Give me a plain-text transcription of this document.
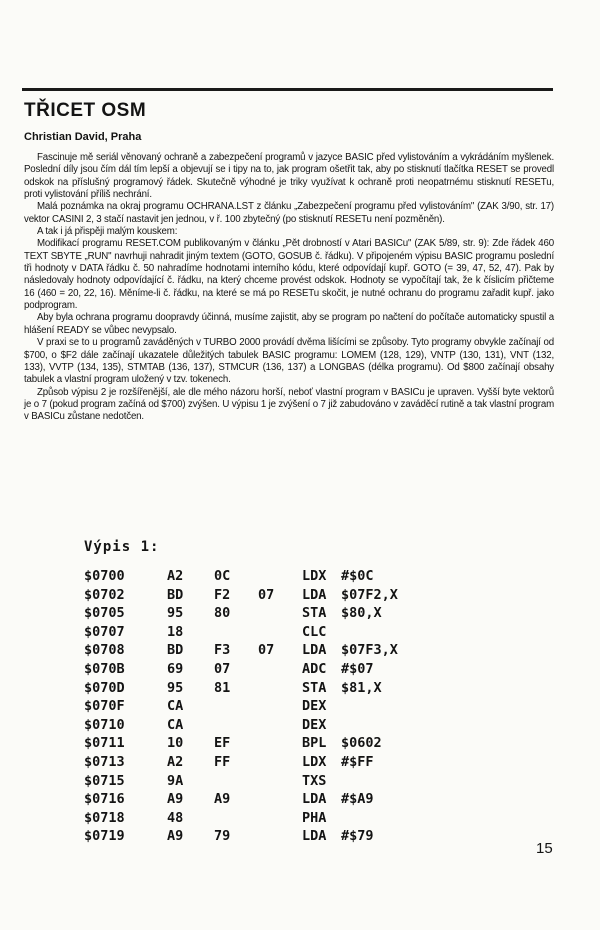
TŘICET OSM
Christian David, Praha

Fascinuje mě seriál věnovaný ochraně a zabezpečení programů v jazyce BASIC před vylistováním a vykrádáním myšlenek. Poslední díly jsou čím dál tím lepší a objevují se i tipy na to, jak program ošetřit tak, aby po stisknutí tlačítka RESET se provedl odskok na příslušný programový řádek. Skutečně výhodné je triky využívat k ochraně proti neopatrnému stisknutí RESETu, proti vylistování příliš nechrání.

Malá poznámka na okraj programu OCHRANA.LST z článku „Zabezpečení programu před vylistováním" (ZAK 3/90, str. 17) vektor CASINI 2, 3 stačí nastavit jen jednou, v ř. 100 zbytečný (po stisknutí RESETu není pozměněn).

A tak i já přispěji malým kouskem:

Modifikací programu RESET.COM publikovaným v článku „Pět drobností v Atari BASICu" (ZAK 5/89, str. 9): Zde řádek 460 TEXT SBYTE „RUN" navrhuji nahradit jiným textem (GOTO, GOSUB č. řádku). V připojeném výpisu BASIC programu poslední tři hodnoty v DATA řádku č. 50 nahradíme hodnotami interního kódu, které odpovídají kupř. GOTO (= 39, 47, 52, 47). Pak by následovaly hodnoty odpovídající č. řádku, na který chceme provést odskok. Hodnoty se vypočítají tak, že k číslicím přičteme 16 (460 = 20, 22, 16). Měníme-li č. řádku, na které se má po RESETu skočit, je nutné ochranu do programu zařadit kupř. jako podprogram.

Aby byla ochrana programu doopravdy účinná, musíme zajistit, aby se program po načtení do počítače automaticky spustil a hlášení READY se vůbec nevypsalo.

V praxi se to u programů zaváděných v TURBO 2000 provádí dvěma lišícími se způsoby. Tyto programy obvykle začínají od $700, o $F2 dále začínají ukazatele důležitých tabulek BASIC programu: LOMEM (128, 129), VNTP (130, 131), VNT (132, 133), VVTP (134, 135), STMTAB (136, 137), STMCUR (136, 137) a LONGBAS (délka programu). Od $800 začínají obsahy tabulek a vlastní program uložený v tzv. tokenech.

Způsob výpisu 2 je rozšířenější, ale dle mého názoru horší, neboť vlastní program v BASICu je upraven. Vyšší byte vektorů je o 7 (pokud program začíná od $700) zvýšen. U výpisu 1 je zvýšení o 7 již zabudováno v zaváděcí rutině a tak vlastní program v BASICu zůstane nedotčen.

Výpis 1:
$0700	A2 0C	LDX #$0C
$0702	BD F2 07 LDA $07F2,X
$0705	95 80	STA $80,X
$0707	18	CLC
$0708	BD F3 07 LDA $07F3,X
$070B	69 07	ADC #$07
$070D	95 81	STA $81,X
$070F	CA	DEX
$0710	CA	DEX
$0711	10 EF	BPL $0602
$0713	A2 FF	LDX #$FF
$0715	9A	TXS
$0716	A9 A9	LDA #$A9
$0718	48	PHA
$0719	A9 79	LDA #$79
15
